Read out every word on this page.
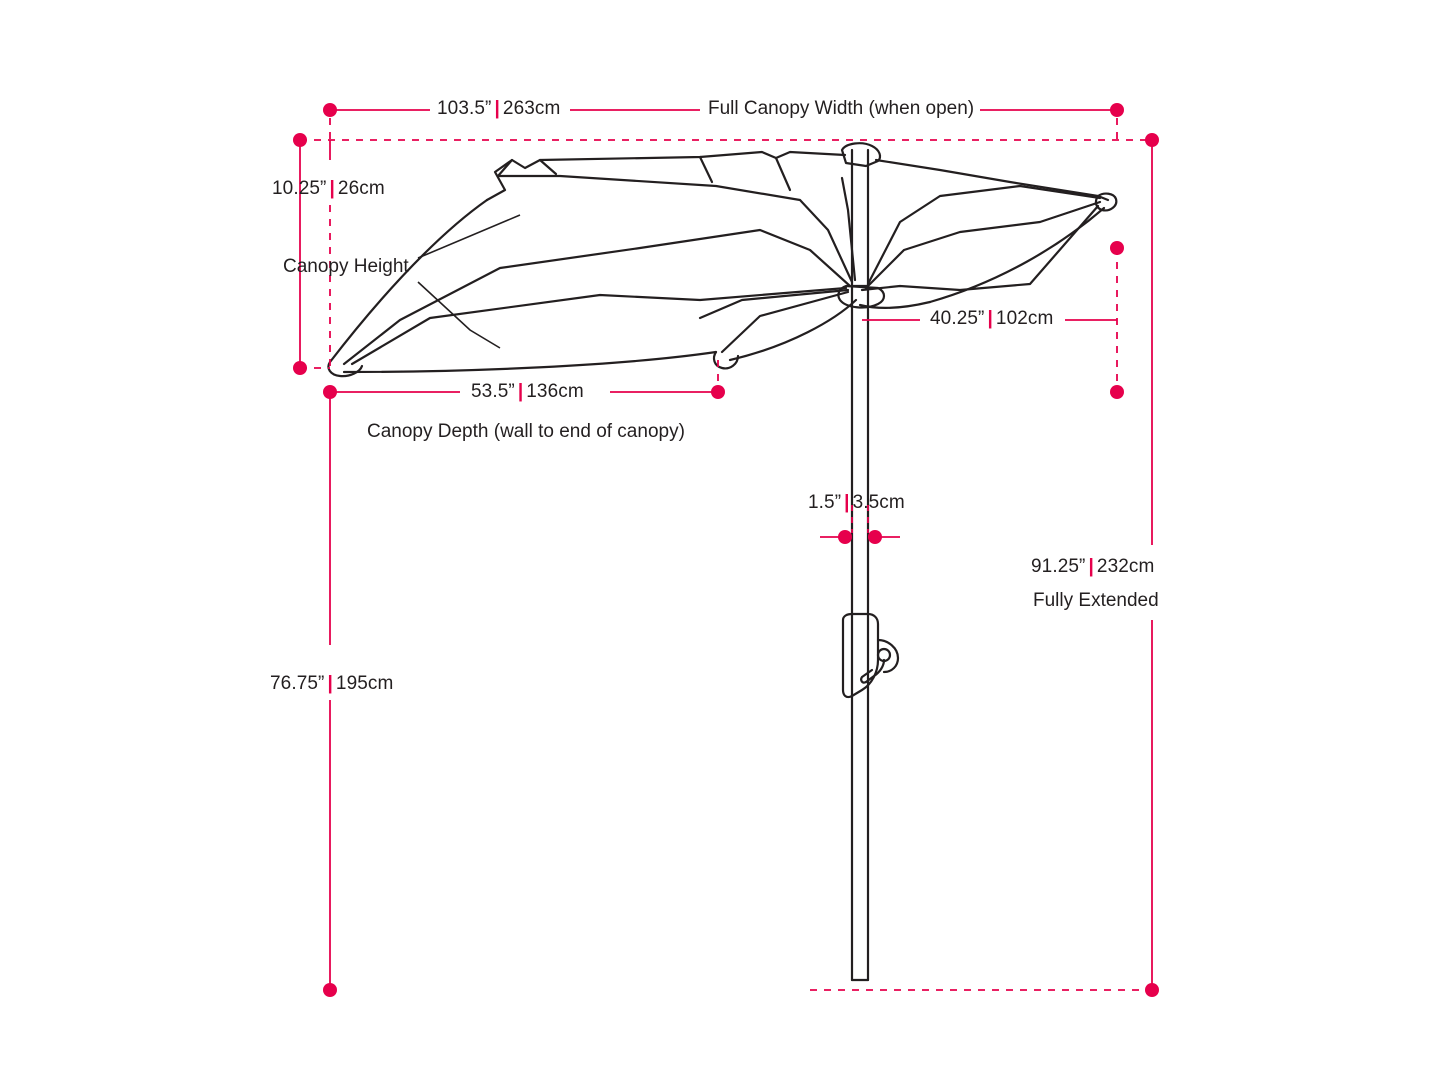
103.5” | 263cm	Full Canopy Width (when open)
10.25” | 26cm
Canopy Height
40.25” | 102cm
53.5” | 136cm
Canopy Depth (wall to end of canopy)
1.5” | 3.5cm
91.25” | 232cm
Fully Extended
76.75” | 195cm
